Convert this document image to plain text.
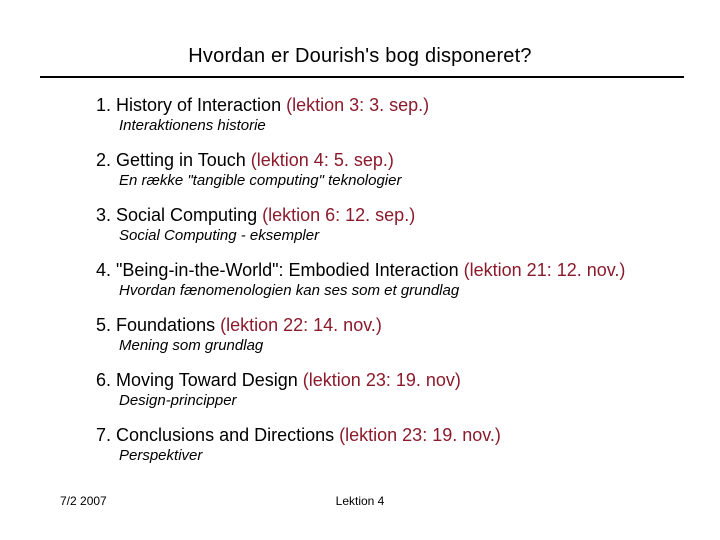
Hvordan er Dourish's bog disponeret?
1. History of Interaction (lektion 3: 3. sep.)
Interaktionens historie
2. Getting in Touch (lektion 4: 5. sep.)
En række "tangible computing" teknologier
3. Social Computing (lektion 6: 12. sep.)
Social Computing - eksempler
4. "Being-in-the-World": Embodied Interaction (lektion 21: 12. nov.)
Hvordan fænomenologien kan ses som et grundlag
5. Foundations (lektion 22: 14. nov.)
Mening som grundlag
6. Moving Toward Design (lektion 23: 19. nov)
Design-principper
7. Conclusions and Directions (lektion 23: 19. nov.)
Perspektiver
7/2 2007	Lektion 4
